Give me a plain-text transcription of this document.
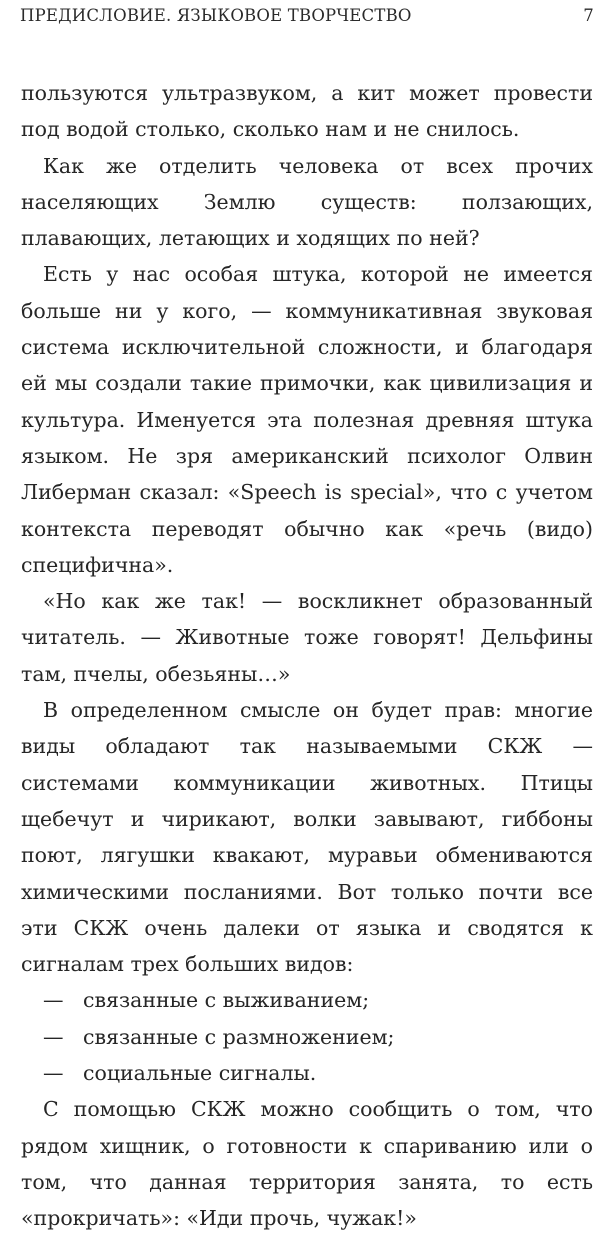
ПРЕДИСЛОВИЕ. ЯЗЫКОВОЕ ТВОРЧЕСТВО	7

пользуются ультразвуком, а кит может провести под водой столько, сколько нам и не снилось.

Как же отделить человека от всех прочих населяющих Землю существ: ползающих, плавающих, летающих и ходящих по ней?

Есть у нас особая штука, которой не имеется больше ни у кого, — коммуникативная звуковая система исключительной сложности, и благодаря ей мы создали такие примочки, как цивилизация и культура. Именуется эта полезная древняя штука языком. Не зря американский психолог Олвин Либерман сказал: «Speech is special», что с учетом контекста переводят обычно как «речь (видо) специфична».

«Но как же так! — воскликнет образованный читатель. — Животные тоже говорят! Дельфины там, пчелы, обезьяны…»

В определенном смысле он будет прав: многие виды обладают так называемыми СКЖ — системами коммуникации животных. Птицы щебечут и чирикают, волки завывают, гиббоны поют, лягушки квакают, муравьи обмениваются химическими посланиями. Вот только почти все эти СКЖ очень далеки от языка и сводятся к сигналам трех больших видов:

— связанные с выживанием;

— связанные с размножением;

— социальные сигналы.

С помощью СКЖ можно сообщить о том, что рядом хищник, о готовности к спариванию или о том, что данная территория занята, то есть «прокричать»: «Иди прочь, чужак!»
